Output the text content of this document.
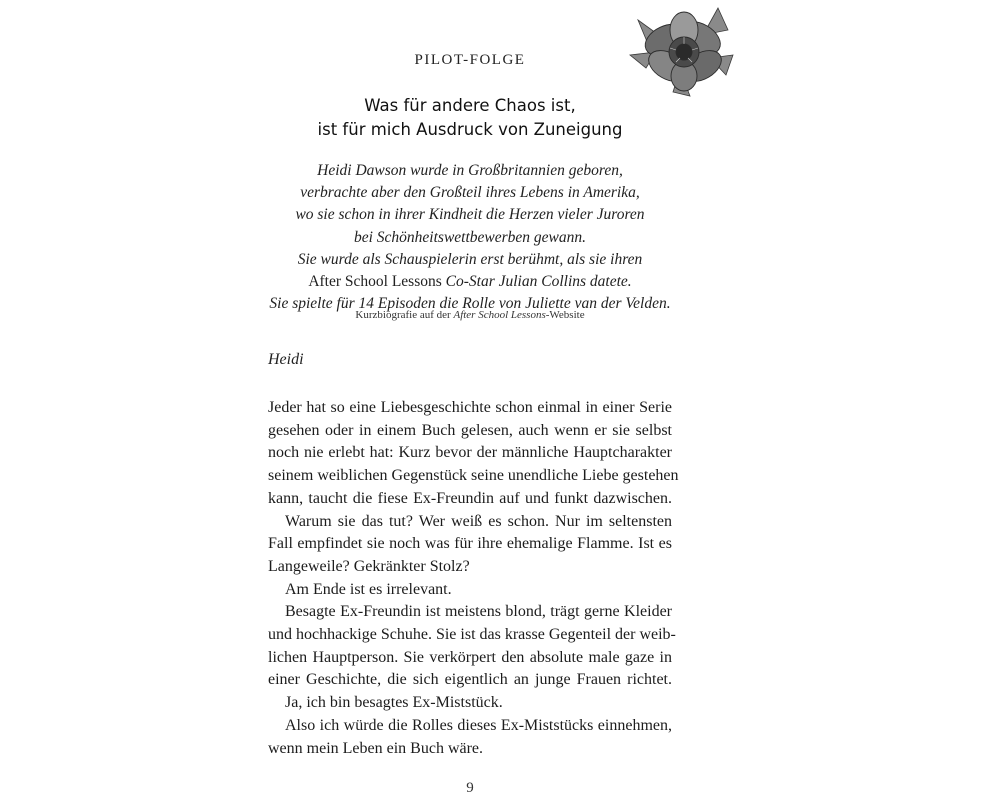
PILOT-FOLGE
Was für andere Chaos ist,
ist für mich Ausdruck von Zuneigung
Heidi Dawson wurde in Großbritannien geboren,
verbrachte aber den Großteil ihres Lebens in Amerika,
wo sie schon in ihrer Kindheit die Herzen vieler Juroren
bei Schönheitswettbewerben gewann.
Sie wurde als Schauspielerin erst berühmt, als sie ihren
After School Lessons Co-Star Julian Collins datete.
Sie spielte für 14 Episoden die Rolle von Juliette van der Velden.
Kurzbiografie auf der After School Lessons-Website
Heidi
Jeder hat so eine Liebesgeschichte schon einmal in einer Serie
gesehen oder in einem Buch gelesen, auch wenn er sie selbst
noch nie erlebt hat: Kurz bevor der männliche Hauptcharakter
seinem weiblichen Gegenstück seine unendliche Liebe gestehen
kann, taucht die fiese Ex-Freundin auf und funkt dazwischen.
Warum sie das tut? Wer weiß es schon. Nur im seltensten
Fall empfindet sie noch was für ihre ehemalige Flamme. Ist es
Langeweile? Gekränkter Stolz?
Am Ende ist es irrelevant.
Besagte Ex-Freundin ist meistens blond, trägt gerne Kleider
und hochhackige Schuhe. Sie ist das krasse Gegenteil der weib-
lichen Hauptperson. Sie verkörpert den absolute male gaze in
einer Geschichte, die sich eigentlich an junge Frauen richtet.
Ja, ich bin besagtes Ex-Miststück.
Also ich würde die Rolles dieses Ex-Miststücks einnehmen,
wenn mein Leben ein Buch wäre.
9
